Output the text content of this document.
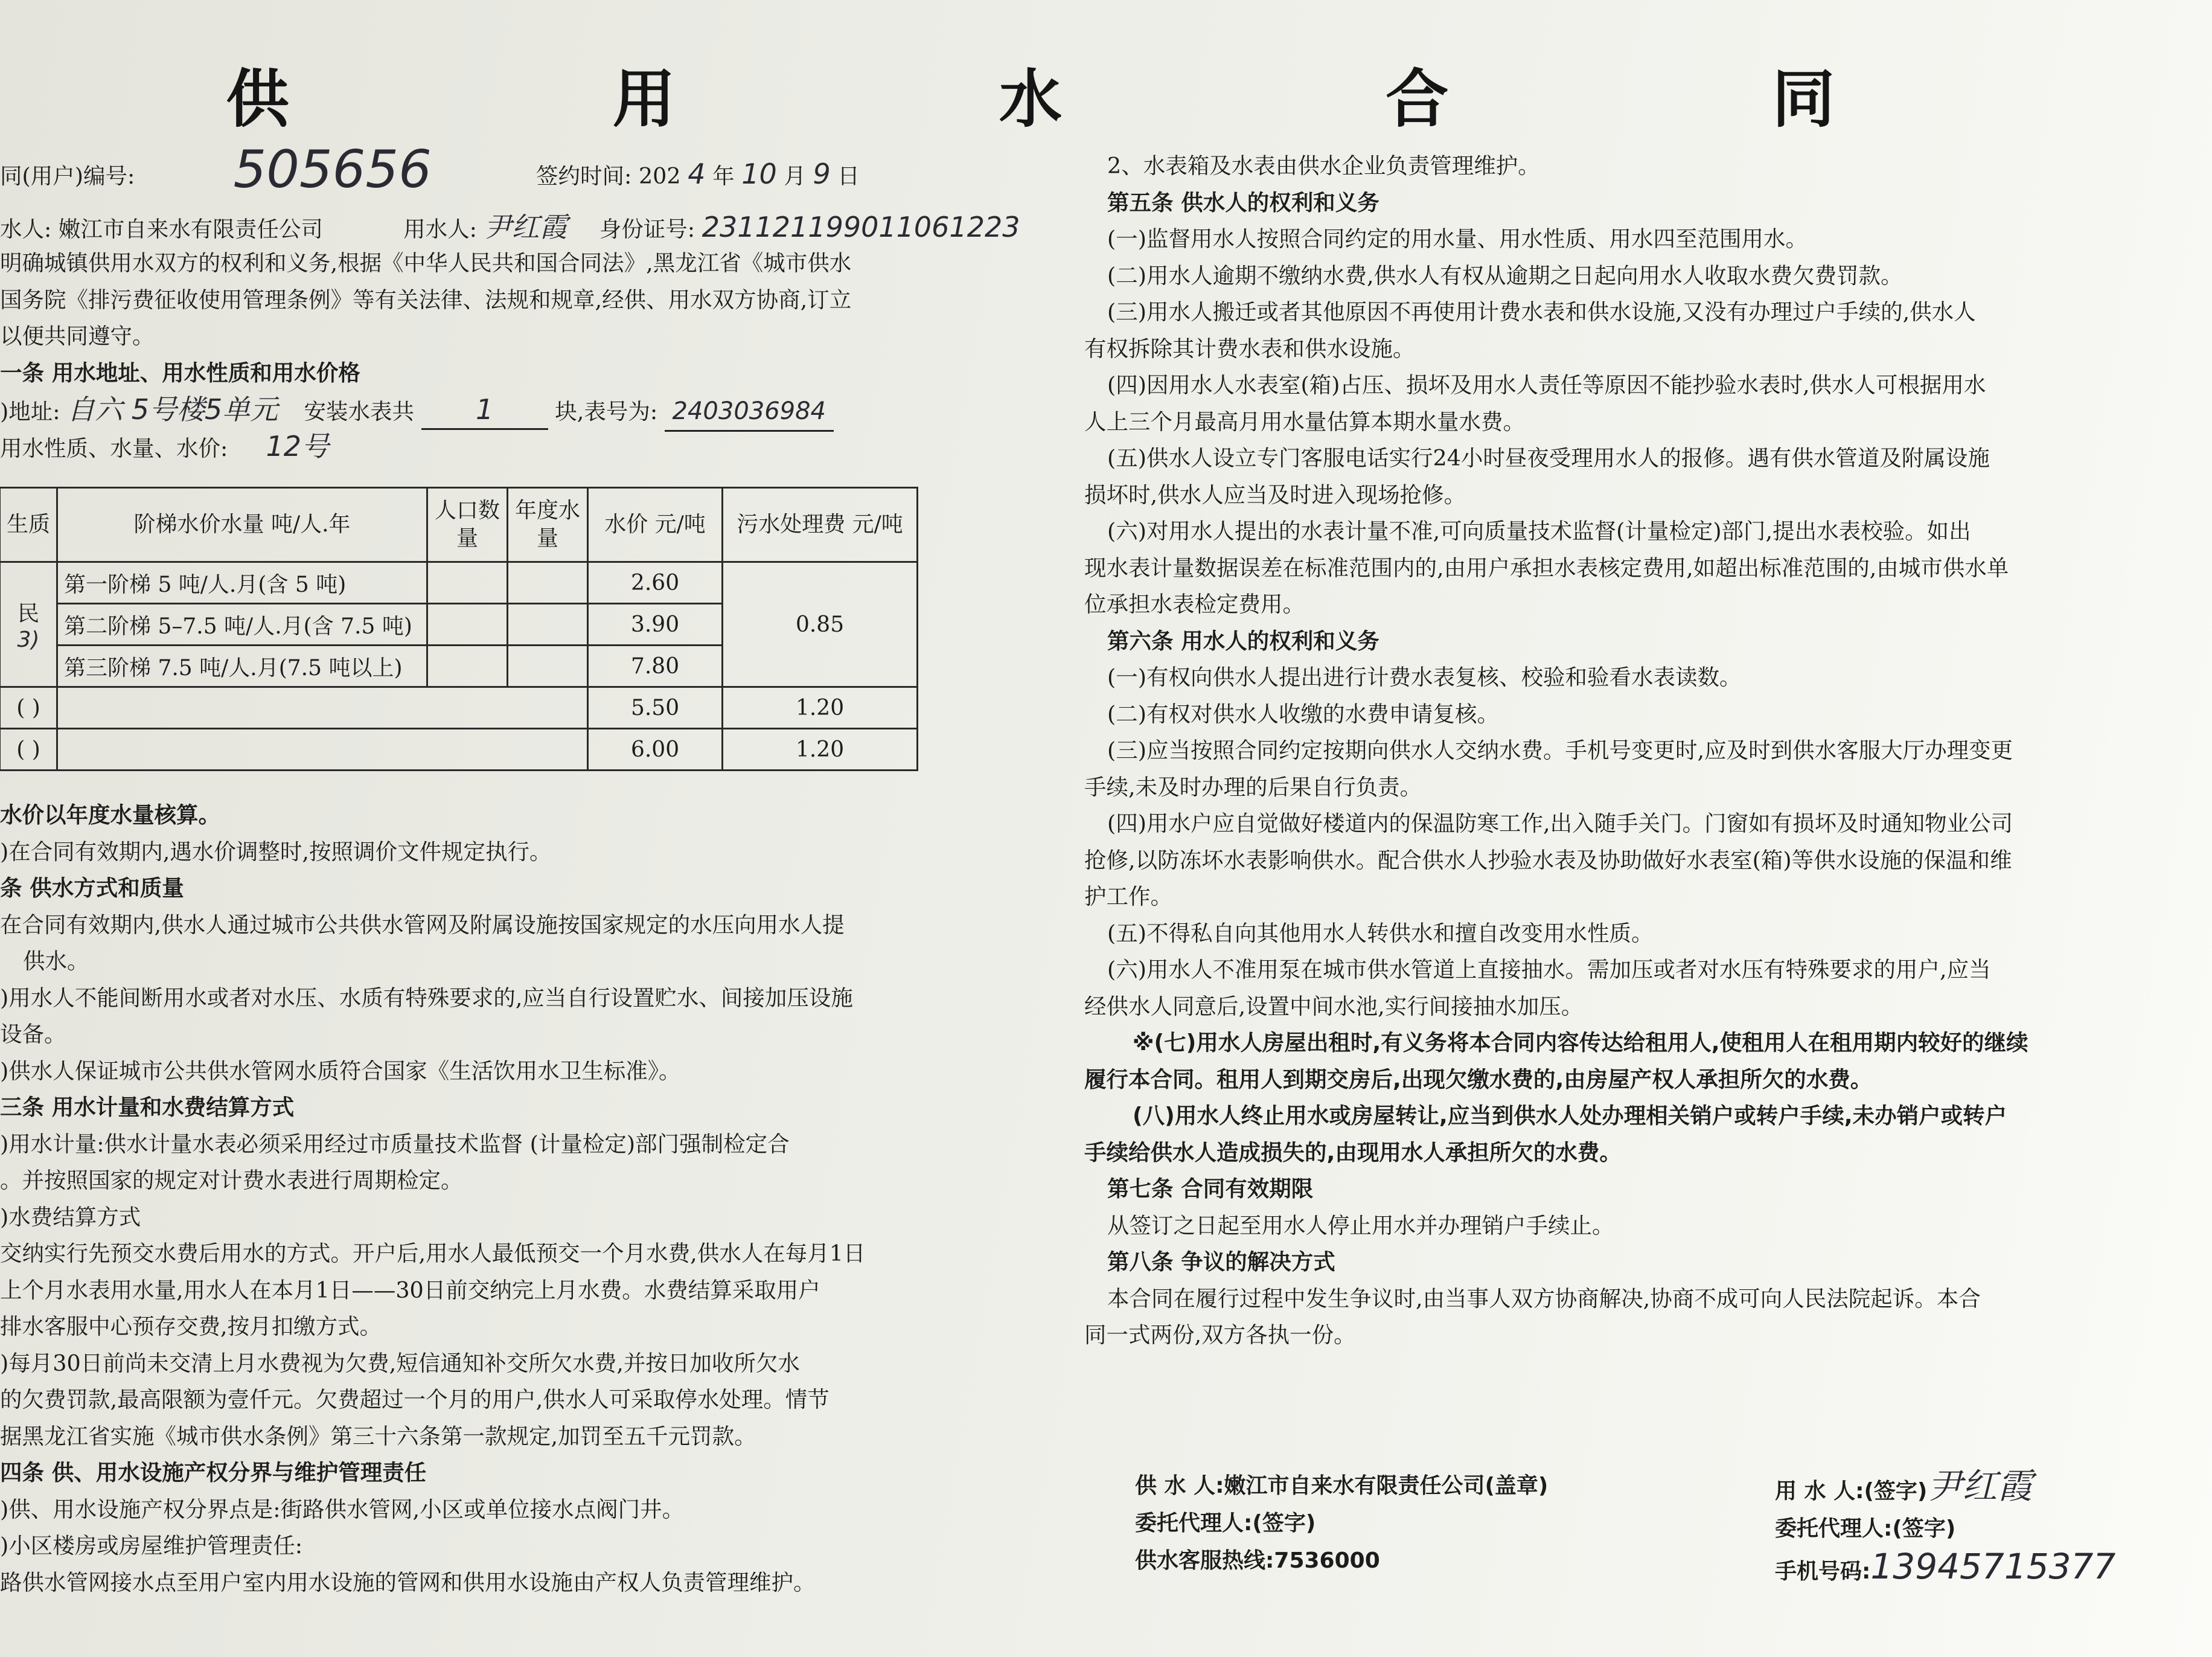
供 用 水 合 同
同(用户)编号: 505656	签约时间: 202 4 年 10 月 9 日
水人: 嫩江市自来水有限责任公司	用水人: 尹红霞 身份证号: 231121199011061223
明确城镇供用水双方的权利和义务,根据《中华人民共和国合同法》,黑龙江省《城市供水
国务院《排污费征收使用管理条例》等有关法律、法规和规章,经供、用水双方协商,订立
以便共同遵守。
一条 用水地址、用水性质和用水价格
)地址: 自六 5号楼5单元 安装水表共 1	块,表号为: 2403036984
用水性质、水量、水价: 12号
生质	阶梯水价水量 吨/人.年	人口数量	年度水量	水价 元/吨	污水处理费 元/吨

民
3)	第一阶梯 5 吨/人.月(含 5 吨)			2.60	0.85
	第二阶梯 5–7.5 吨/人.月(含 7.5 吨)			3.90	
	第三阶梯 7.5 吨/人.月(7.5 吨以上)			7.80	
( )				5.50	1.20
( )				6.00	1.20
水价以年度水量核算。
)在合同有效期内,遇水价调整时,按照调价文件规定执行。
条 供水方式和质量
在合同有效期内,供水人通过城市公共供水管网及附属设施按国家规定的水压向用水人提
供水。
)用水人不能间断用水或者对水压、水质有特殊要求的,应当自行设置贮水、间接加压设施
设备。
)供水人保证城市公共供水管网水质符合国家《生活饮用水卫生标准》。
三条 用水计量和水费结算方式
)用水计量:供水计量水表必须采用经过市质量技术监督 (计量检定)部门强制检定合
。并按照国家的规定对计费水表进行周期检定。
)水费结算方式
交纳实行先预交水费后用水的方式。开户后,用水人最低预交一个月水费,供水人在每月1日
上个月水表用水量,用水人在本月1日——30日前交纳完上月水费。水费结算采取用户
排水客服中心预存交费,按月扣缴方式。
)每月30日前尚未交清上月水费视为欠费,短信通知补交所欠水费,并按日加收所欠水
的欠费罚款,最高限额为壹仟元。欠费超过一个月的用户,供水人可采取停水处理。情节
据黑龙江省实施《城市供水条例》第三十六条第一款规定,加罚至五千元罚款。
四条 供、用水设施产权分界与维护管理责任
)供、用水设施产权分界点是:街路供水管网,小区或单位接水点阀门井。
)小区楼房或房屋维护管理责任:
路供水管网接水点至用户室内用水设施的管网和供用水设施由产权人负责管理维护。
2、水表箱及水表由供水企业负责管理维护。
第五条 供水人的权利和义务
(一)监督用水人按照合同约定的用水量、用水性质、用水四至范围用水。
(二)用水人逾期不缴纳水费,供水人有权从逾期之日起向用水人收取水费欠费罚款。
(三)用水人搬迁或者其他原因不再使用计费水表和供水设施,又没有办理过户手续的,供水人
有权拆除其计费水表和供水设施。
(四)因用水人水表室(箱)占压、损坏及用水人责任等原因不能抄验水表时,供水人可根据用水
人上三个月最高月用水量估算本期水量水费。
(五)供水人设立专门客服电话实行24小时昼夜受理用水人的报修。遇有供水管道及附属设施
损坏时,供水人应当及时进入现场抢修。
(六)对用水人提出的水表计量不准,可向质量技术监督(计量检定)部门,提出水表校验。如出
现水表计量数据误差在标准范围内的,由用户承担水表核定费用,如超出标准范围的,由城市供水单
位承担水表检定费用。
第六条 用水人的权利和义务
(一)有权向供水人提出进行计费水表复核、校验和验看水表读数。
(二)有权对供水人收缴的水费申请复核。
(三)应当按照合同约定按期向供水人交纳水费。手机号变更时,应及时到供水客服大厅办理变更
手续,未及时办理的后果自行负责。
(四)用水户应自觉做好楼道内的保温防寒工作,出入随手关门。门窗如有损坏及时通知物业公司
抢修,以防冻坏水表影响供水。配合供水人抄验水表及协助做好水表室(箱)等供水设施的保温和维
护工作。
(五)不得私自向其他用水人转供水和擅自改变用水性质。
(六)用水人不准用泵在城市供水管道上直接抽水。需加压或者对水压有特殊要求的用户,应当
经供水人同意后,设置中间水池,实行间接抽水加压。
※(七)用水人房屋出租时,有义务将本合同内容传达给租用人,使租用人在租用期内较好的继续
履行本合同。租用人到期交房后,出现欠缴水费的,由房屋产权人承担所欠的水费。
(八)用水人终止用水或房屋转让,应当到供水人处办理相关销户或转户手续,未办销户或转户
手续给供水人造成损失的,由现用水人承担所欠的水费。
第七条 合同有效期限
从签订之日起至用水人停止用水并办理销户手续止。
第八条 争议的解决方式
本合同在履行过程中发生争议时,由当事人双方协商解决,协商不成可向人民法院起诉。本合
同一式两份,双方各执一份。
供 水 人:嫩江市自来水有限责任公司(盖章)
委托代理人:(签字)
供水客服热线:7536000
用 水 人:(签字)尹红霞
委托代理人:(签字)
手机号码:13945715377
